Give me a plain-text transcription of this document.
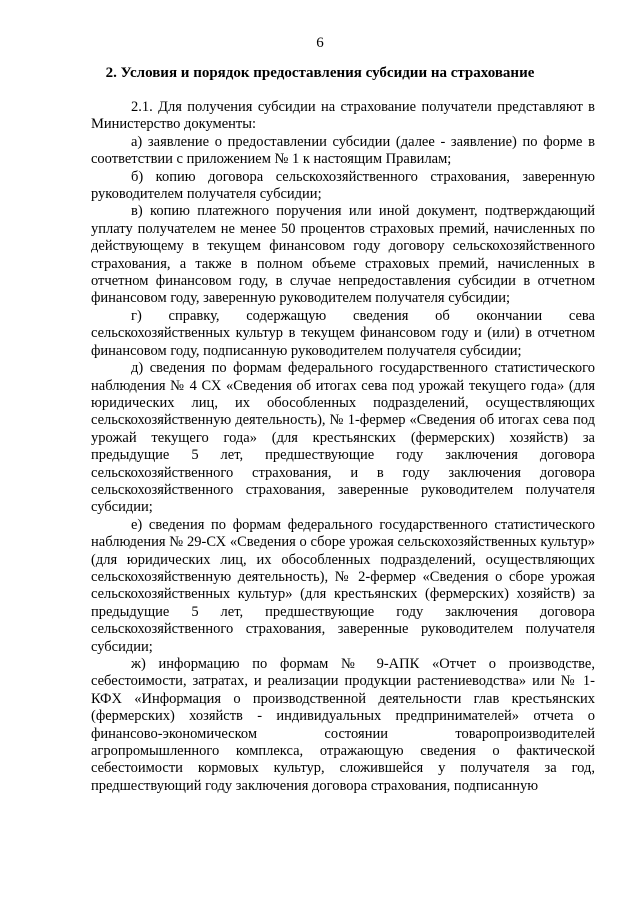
6
2. Условия и порядок предоставления субсидии на страхование

2.1. Для получения субсидии на страхование получатели представляют в Министерство документы:

а) заявление о предоставлении субсидии (далее - заявление) по форме в соответствии с приложением № 1 к настоящим Правилам;

б) копию договора сельскохозяйственного страхования, заверенную руководителем получателя субсидии;

в) копию платежного поручения или иной документ, подтверждающий уплату получателем не менее 50 процентов страховых премий, начисленных по действующему в текущем финансовом году договору сельскохозяйственного страхования, а также в полном объеме страховых премий, начисленных в отчетном финансовом году, в случае непредоставления субсидии в отчетном финансовом году, заверенную руководителем получателя субсидии;

г) справку, содержащую сведения об окончании сева сельскохозяйственных культур в текущем финансовом году и (или) в отчетном финансовом году, подписанную руководителем получателя субсидии;

д) сведения по формам федерального государственного статистического наблюдения № 4 СХ «Сведения об итогах сева под урожай текущего года» (для юридических лиц, их обособленных подразделений, осуществляющих сельскохозяйственную деятельность), № 1-фермер «Сведения об итогах сева под урожай текущего года» (для крестьянских (фермерских) хозяйств) за предыдущие 5 лет, предшествующие году заключения договора сельскохозяйственного страхования, и в году заключения договора сельскохозяйственного страхования, заверенные руководителем получателя субсидии;

е) сведения по формам федерального государственного статистического наблюдения № 29-СХ «Сведения о сборе урожая сельскохозяйственных культур» (для юридических лиц, их обособленных подразделений, осуществляющих сельскохозяйственную деятельность), № 2-фермер «Сведения о сборе урожая сельскохозяйственных культур» (для крестьянских (фермерских) хозяйств) за предыдущие 5 лет, предшествующие году заключения договора сельскохозяйственного страхования, заверенные руководителем получателя субсидии;

ж) информацию по формам № 9-АПК «Отчет о производстве, себестоимости, затратах, и реализации продукции растениеводства» или № 1-КФХ «Информация о производственной деятельности глав крестьянских (фермерских) хозяйств - индивидуальных предпринимателей» отчета о финансово-экономическом состоянии товаропроизводителей агропромышленного комплекса, отражающую сведения о фактической себестоимости кормовых культур, сложившейся у получателя за год, предшествующий году заключения договора страхования, подписанную
